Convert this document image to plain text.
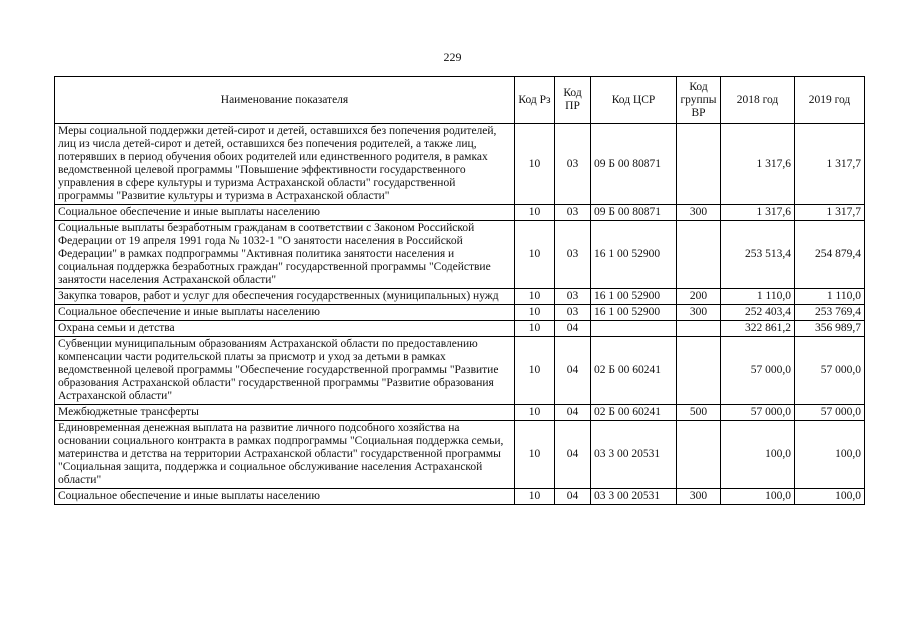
229
Наименование показателя	Код Рз	Код ПР	Код ЦСР	Код группы ВР	2018 год	2019 год
Меры социальной поддержки детей-сирот и детей, оставшихся без попечения родителей, лиц из числа детей-сирот и детей, оставшихся без попечения родителей, а также лиц, потерявших в период обучения обоих родителей или единственного родителя, в рамках ведомственной целевой программы "Повышение эффективности государственного управления в сфере культуры и туризма Астраханской области" государственной программы "Развитие культуры и туризма в Астраханской области"	10	03	09 Б 00 80871		1 317,6	1 317,7
Социальное обеспечение и иные выплаты населению	10	03	09 Б 00 80871	300	1 317,6	1 317,7
Социальные выплаты безработным гражданам в соответствии с Законом Российской Федерации от 19 апреля 1991 года № 1032-1 "О занятости населения в Российской Федерации" в рамках подпрограммы "Активная политика занятости населения и социальная поддержка безработных граждан" государственной программы "Содействие занятости населения Астраханской области"	10	03	16 1 00 52900		253 513,4	254 879,4
Закупка товаров, работ и услуг для обеспечения государственных (муниципальных) нужд	10	03	16 1 00 52900	200	1 110,0	1 110,0
Социальное обеспечение и иные выплаты населению	10	03	16 1 00 52900	300	252 403,4	253 769,4
Охрана семьи и детства	10	04			322 861,2	356 989,7
Субвенции муниципальным образованиям Астраханской области по предоставлению компенсации части родительской платы за присмотр и уход за детьми в рамках ведомственной целевой программы "Обеспечение государственной программы "Развитие образования Астраханской области" государственной программы "Развитие образования Астраханской области"	10	04	02 Б 00 60241		57 000,0	57 000,0
Межбюджетные трансферты	10	04	02 Б 00 60241	500	57 000,0	57 000,0
Единовременная денежная выплата на развитие личного подсобного хозяйства на основании социального контракта в рамках подпрограммы "Социальная поддержка семьи, материнства и детства на территории Астраханской области" государственной программы "Социальная защита, поддержка и социальное обслуживание населения Астраханской области"	10	04	03 3 00 20531		100,0	100,0
Социальное обеспечение и иные выплаты населению	10	04	03 3 00 20531	300	100,0	100,0
